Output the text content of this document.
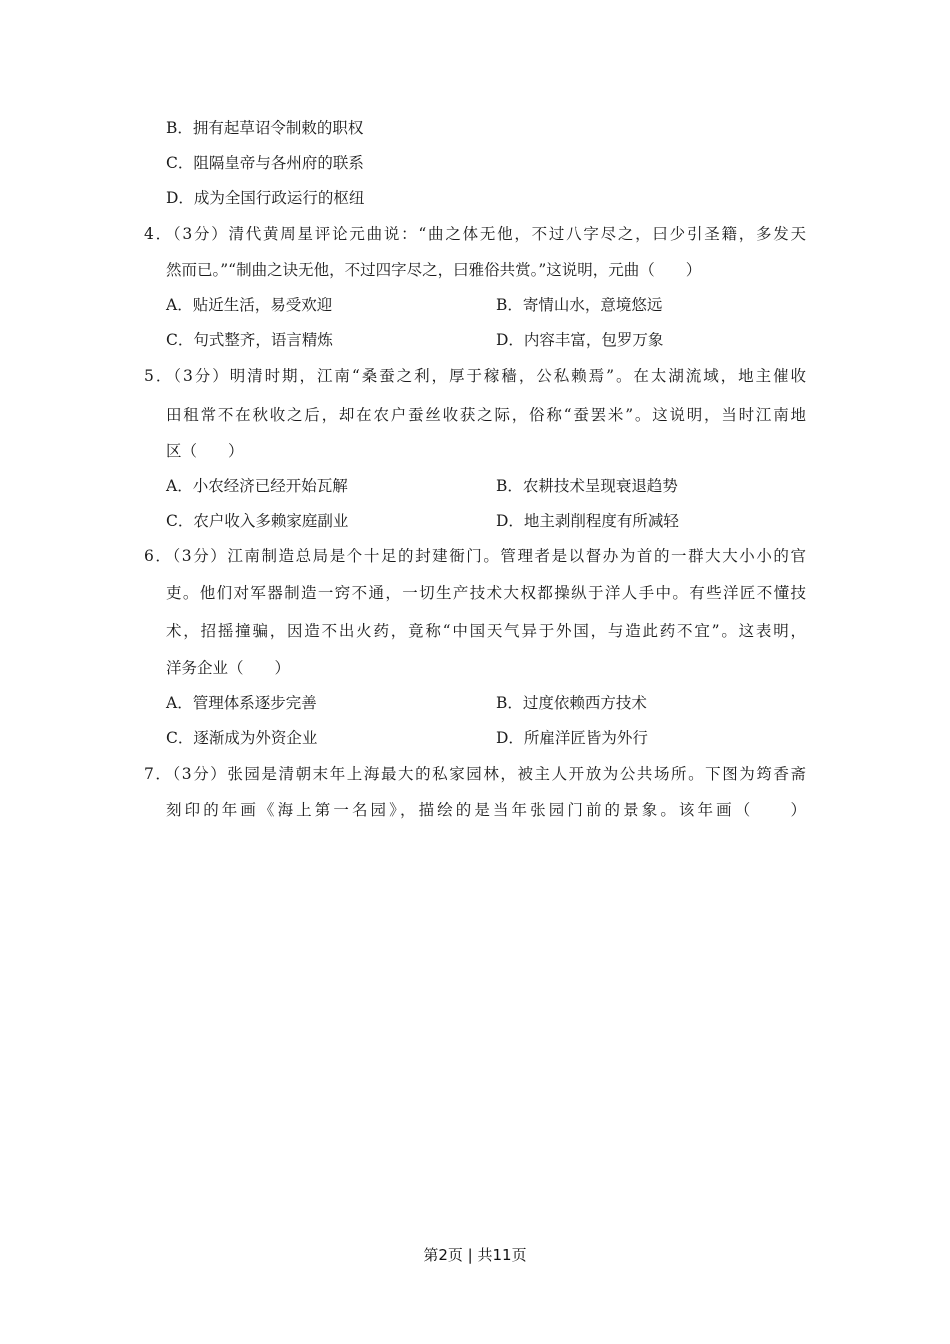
B．拥有起草诏令制敕的职权
C．阻隔皇帝与各州府的联系
D．成为全国行政运行的枢纽
4．（3分）清代黄周星评论元曲说：“曲之体无他，不过八字尽之，曰少引圣籍，多发天
然而已。”“制曲之诀无他，不过四字尽之，曰雅俗共赏。”这说明，元曲（　　）
A．贴近生活，易受欢迎	B．寄情山水，意境悠远
C．句式整齐，语言精炼	D．内容丰富，包罗万象
5．（3分）明清时期，江南“桑蚕之利，厚于稼穑，公私赖焉”。在太湖流域，地主催收
田租常不在秋收之后，却在农户蚕丝收获之际，俗称“蚕罢米”。这说明，当时江南地
区（　　）
A．小农经济已经开始瓦解	B．农耕技术呈现衰退趋势
C．农户收入多赖家庭副业	D．地主剥削程度有所减轻
6．（3分）江南制造总局是个十足的封建衙门。管理者是以督办为首的一群大大小小的官
吏。他们对军器制造一窍不通，一切生产技术大权都操纵于洋人手中。有些洋匠不懂技
术，招摇撞骗，因造不出火药，竟称“中国天气异于外国，与造此药不宜”。这表明，
洋务企业（　　）
A．管理体系逐步完善	B．过度依赖西方技术
C．逐渐成为外资企业	D．所雇洋匠皆为外行
7．（3分）张园是清朝末年上海最大的私家园林，被主人开放为公共场所。下图为筠香斋
刻印的年画《海上第一名园》，描绘的是当年张园门前的景象。该年画（　　）
第2页 | 共11页
